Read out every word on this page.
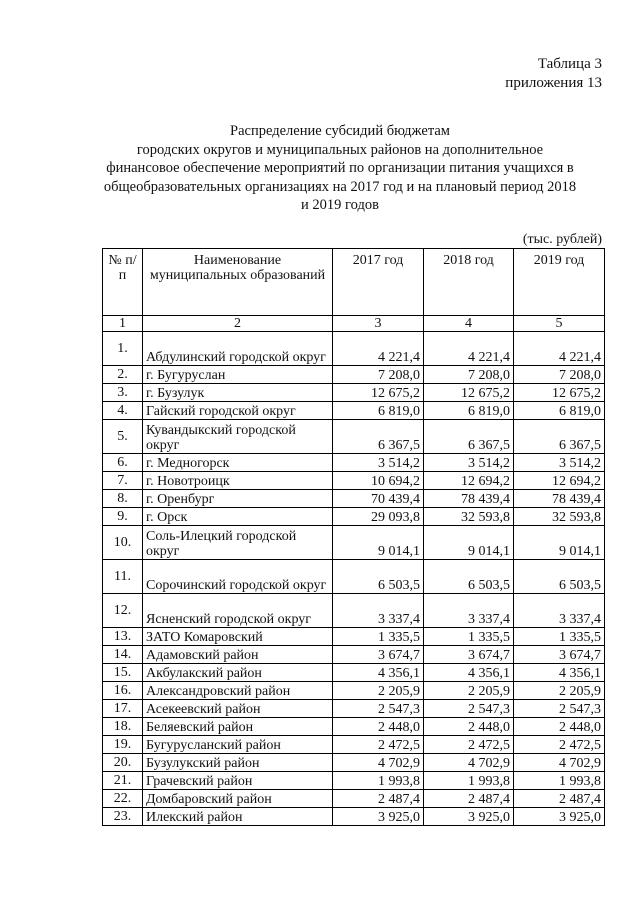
Таблица 3
приложения 13
Распределение субсидий бюджетам
городских округов и муниципальных районов на дополнительное
финансовое обеспечение мероприятий по организации питания учащихся в
общеобразовательных организациях на 2017 год и на плановый период 2018
и 2019 годов
(тыс. рублей)
№ п/п	Наименование муниципальных образований	2017 год	2018 год	2019 год
1	2	3	4	5
1.	Абдулинский городской округ	4 221,4	4 221,4	4 221,4
2.	г. Бугуруслан	7 208,0	7 208,0	7 208,0
3.	г. Бузулук	12 675,2	12 675,2	12 675,2
4.	Гайский городской округ	6 819,0	6 819,0	6 819,0
5.	Кувандыкский городской округ	6 367,5	6 367,5	6 367,5
6.	г. Медногорск	3 514,2	3 514,2	3 514,2
7.	г. Новотроицк	10 694,2	12 694,2	12 694,2
8.	г. Оренбург	70 439,4	78 439,4	78 439,4
9.	г. Орск	29 093,8	32 593,8	32 593,8
10.	Соль-Илецкий городской округ	9 014,1	9 014,1	9 014,1
11.	Сорочинский городской округ	6 503,5	6 503,5	6 503,5
12.	Ясненский городской округ	3 337,4	3 337,4	3 337,4
13.	ЗАТО Комаровский	1 335,5	1 335,5	1 335,5
14.	Адамовский район	3 674,7	3 674,7	3 674,7
15.	Акбулакский район	4 356,1	4 356,1	4 356,1
16.	Александровский район	2 205,9	2 205,9	2 205,9
17.	Асекеевский район	2 547,3	2 547,3	2 547,3
18.	Беляевский район	2 448,0	2 448,0	2 448,0
19.	Бугурусланский район	2 472,5	2 472,5	2 472,5
20.	Бузулукский район	4 702,9	4 702,9	4 702,9
21.	Грачевский район	1 993,8	1 993,8	1 993,8
22.	Домбаровский район	2 487,4	2 487,4	2 487,4
23.	Илекский район	3 925,0	3 925,0	3 925,0
